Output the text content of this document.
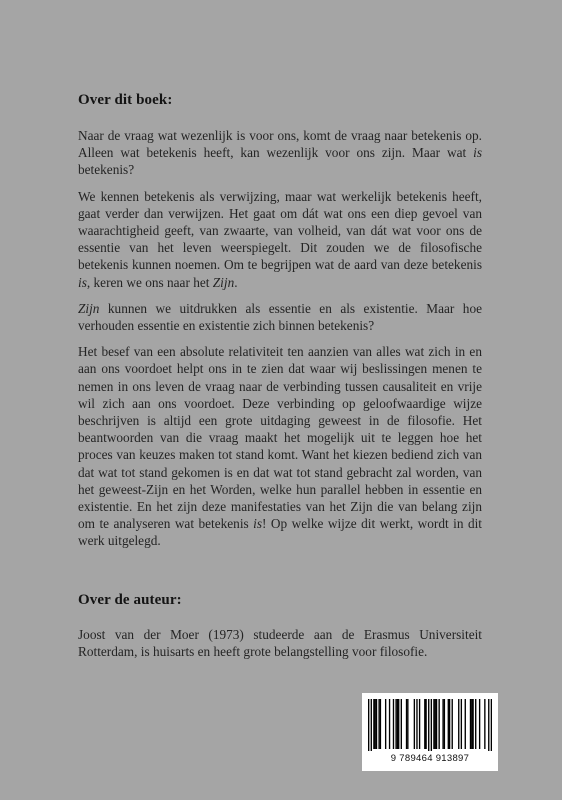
Over dit boek:

Naar de vraag wat wezenlijk is voor ons, komt de vraag naar betekenis op. Alleen wat betekenis heeft, kan wezenlijk voor ons zijn. Maar wat is betekenis?

We kennen betekenis als verwijzing, maar wat werkelijk betekenis heeft, gaat verder dan verwijzen. Het gaat om dát wat ons een diep gevoel van waarachtigheid geeft, van zwaarte, van volheid, van dát wat voor ons de essentie van het leven weerspiegelt. Dit zouden we de filosofische betekenis kunnen noemen. Om te begrijpen wat de aard van deze betekenis is, keren we ons naar het Zijn.

Zijn kunnen we uitdrukken als essentie en als existentie. Maar hoe verhouden essentie en existentie zich binnen betekenis?

Het besef van een absolute relativiteit ten aanzien van alles wat zich in en aan ons voordoet helpt ons in te zien dat waar wij beslissingen menen te nemen in ons leven de vraag naar de verbinding tussen causaliteit en vrije wil zich aan ons voordoet. Deze verbinding op geloofwaardige wijze beschrijven is altijd een grote uitdaging geweest in de filosofie. Het beantwoorden van die vraag maakt het mogelijk uit te leggen hoe het proces van keuzes maken tot stand komt. Want het kiezen bediend zich van dat wat tot stand gekomen is en dat wat tot stand gebracht zal worden, van het geweest-Zijn en het Worden, welke hun parallel hebben in essentie en existentie. En het zijn deze manifestaties van het Zijn die van belang zijn om te analyseren wat betekenis is! Op welke wijze dit werkt, wordt in dit werk uitgelegd.

Over de auteur:

Joost van der Moer (1973) studeerde aan de Erasmus Universiteit Rotterdam, is huisarts en heeft grote belangstelling voor filosofie.

9 789464 913897
